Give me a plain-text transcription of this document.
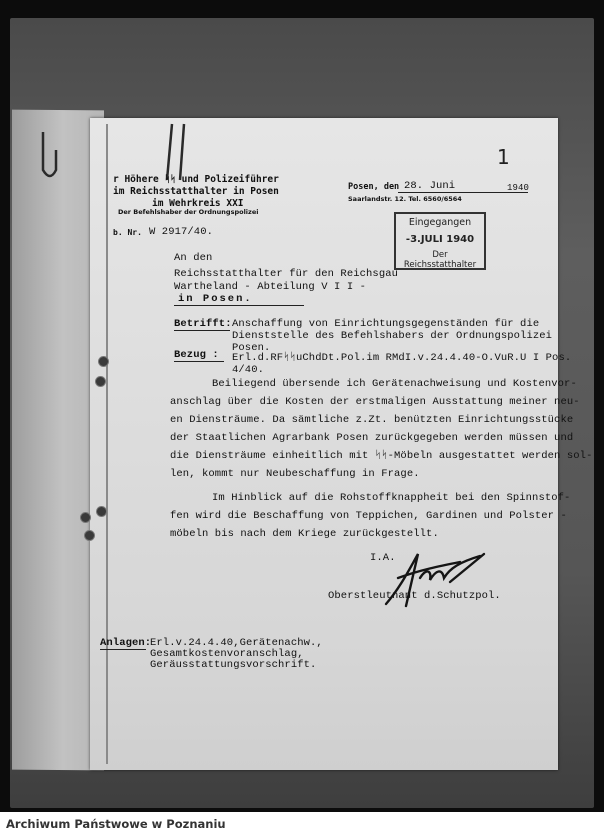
1
r Höhere ᛋᛋ und Polizeiführer
im Reichsstatthalter in Posen
im Wehrkreis XXI
Der Befehlshaber der Ordnungspolizei
Posen, den 28. Juni	1940
Saarlandstr. 12. Tel. 6560/6564
b. Nr. W 2917/40.
Eingegangen
-3.JULI 1940
Der Reichsstatthalter
An den
Reichsstatthalter für den Reichsgau
Wartheland - Abteilung V I I -
in Posen.
Betrifft: Anschaffung von Einrichtungsgegenständen für die
Dienststelle des Befehlshabers der Ordnungspolizei
Posen.
Bezug : Erl.d.RFᛋᛋuChdDt.Pol.im RMdI.v.24.4.40-O.VuR.U I Pos.
4/40.
Beiliegend übersende ich Gerätenachweisung und Kostenvor-
anschlag über die Kosten der erstmaligen Ausstattung meiner neu-
en Diensträume. Da sämtliche z.Zt. benützten Einrichtungsstücke
der Staatlichen Agrarbank Posen zurückgegeben werden müssen und
die Diensträume einheitlich mit ᛋᛋ-Möbeln ausgestattet werden sol-
len, kommt nur Neubeschaffung in Frage.
Im Hinblick auf die Rohstoffknappheit bei den Spinnstof-
fen wird die Beschaffung von Teppichen, Gardinen und Polster -
möbeln bis nach dem Kriege zurückgestellt.
I.A.
Oberstleutnant d.Schutzpol.
Anlagen:
Erl.v.24.4.40,Gerätenachw.,
Gesamtkostenvoranschlag,
Geräusstattungsvorschrift.
Archiwum Państwowe w Poznaniu
